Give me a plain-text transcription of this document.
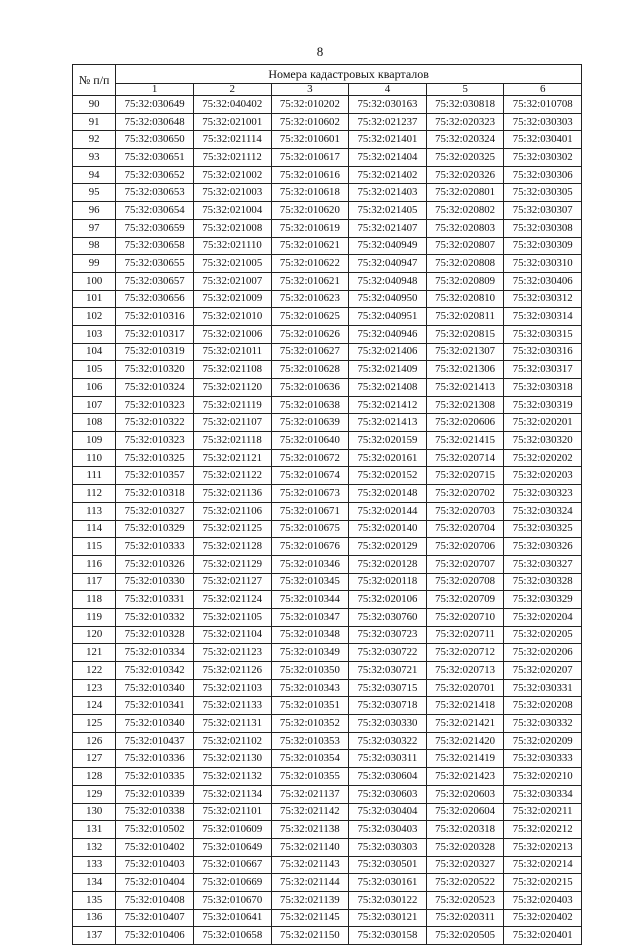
8
№ п/п	Номера кадастровых кварталов					
	1	2	3	4	5	6
90	75:32:030649	75:32:040402	75:32:010202	75:32:030163	75:32:030818	75:32:010708
91	75:32:030648	75:32:021001	75:32:010602	75:32:021237	75:32:020323	75:32:030303
92	75:32:030650	75:32:021114	75:32:010601	75:32:021401	75:32:020324	75:32:030401
93	75:32:030651	75:32:021112	75:32:010617	75:32:021404	75:32:020325	75:32:030302
94	75:32:030652	75:32:021002	75:32:010616	75:32:021402	75:32:020326	75:32:030306
95	75:32:030653	75:32:021003	75:32:010618	75:32:021403	75:32:020801	75:32:030305
96	75:32:030654	75:32:021004	75:32:010620	75:32:021405	75:32:020802	75:32:030307
97	75:32:030659	75:32:021008	75:32:010619	75:32:021407	75:32:020803	75:32:030308
98	75:32:030658	75:32:021110	75:32:010621	75:32:040949	75:32:020807	75:32:030309
99	75:32:030655	75:32:021005	75:32:010622	75:32:040947	75:32:020808	75:32:030310
100	75:32:030657	75:32:021007	75:32:010621	75:32:040948	75:32:020809	75:32:030406
101	75:32:030656	75:32:021009	75:32:010623	75:32:040950	75:32:020810	75:32:030312
102	75:32:010316	75:32:021010	75:32:010625	75:32:040951	75:32:020811	75:32:030314
103	75:32:010317	75:32:021006	75:32:010626	75:32:040946	75:32:020815	75:32:030315
104	75:32:010319	75:32:021011	75:32:010627	75:32:021406	75:32:021307	75:32:030316
105	75:32:010320	75:32:021108	75:32:010628	75:32:021409	75:32:021306	75:32:030317
106	75:32:010324	75:32:021120	75:32:010636	75:32:021408	75:32:021413	75:32:030318
107	75:32:010323	75:32:021119	75:32:010638	75:32:021412	75:32:021308	75:32:030319
108	75:32:010322	75:32:021107	75:32:010639	75:32:021413	75:32:020606	75:32:020201
109	75:32:010323	75:32:021118	75:32:010640	75:32:020159	75:32:021415	75:32:030320
110	75:32:010325	75:32:021121	75:32:010672	75:32:020161	75:32:020714	75:32:020202
111	75:32:010357	75:32:021122	75:32:010674	75:32:020152	75:32:020715	75:32:020203
112	75:32:010318	75:32:021136	75:32:010673	75:32:020148	75:32:020702	75:32:030323
113	75:32:010327	75:32:021106	75:32:010671	75:32:020144	75:32:020703	75:32:030324
114	75:32:010329	75:32:021125	75:32:010675	75:32:020140	75:32:020704	75:32:030325
115	75:32:010333	75:32:021128	75:32:010676	75:32:020129	75:32:020706	75:32:030326
116	75:32:010326	75:32:021129	75:32:010346	75:32:020128	75:32:020707	75:32:030327
117	75:32:010330	75:32:021127	75:32:010345	75:32:020118	75:32:020708	75:32:030328
118	75:32:010331	75:32:021124	75:32:010344	75:32:020106	75:32:020709	75:32:030329
119	75:32:010332	75:32:021105	75:32:010347	75:32:030760	75:32:020710	75:32:020204
120	75:32:010328	75:32:021104	75:32:010348	75:32:030723	75:32:020711	75:32:020205
121	75:32:010334	75:32:021123	75:32:010349	75:32:030722	75:32:020712	75:32:020206
122	75:32:010342	75:32:021126	75:32:010350	75:32:030721	75:32:020713	75:32:020207
123	75:32:010340	75:32:021103	75:32:010343	75:32:030715	75:32:020701	75:32:030331
124	75:32:010341	75:32:021133	75:32:010351	75:32:030718	75:32:021418	75:32:020208
125	75:32:010340	75:32:021131	75:32:010352	75:32:030330	75:32:021421	75:32:030332
126	75:32:010437	75:32:021102	75:32:010353	75:32:030322	75:32:021420	75:32:020209
127	75:32:010336	75:32:021130	75:32:010354	75:32:030311	75:32:021419	75:32:030333
128	75:32:010335	75:32:021132	75:32:010355	75:32:030604	75:32:021423	75:32:020210
129	75:32:010339	75:32:021134	75:32:021137	75:32:030603	75:32:020603	75:32:030334
130	75:32:010338	75:32:021101	75:32:021142	75:32:030404	75:32:020604	75:32:020211
131	75:32:010502	75:32:010609	75:32:021138	75:32:030403	75:32:020318	75:32:020212
132	75:32:010402	75:32:010649	75:32:021140	75:32:030303	75:32:020328	75:32:020213
133	75:32:010403	75:32:010667	75:32:021143	75:32:030501	75:32:020327	75:32:020214
134	75:32:010404	75:32:010669	75:32:021144	75:32:030161	75:32:020522	75:32:020215
135	75:32:010408	75:32:010670	75:32:021139	75:32:030122	75:32:020523	75:32:020403
136	75:32:010407	75:32:010641	75:32:021145	75:32:030121	75:32:020311	75:32:020402
137	75:32:010406	75:32:010658	75:32:021150	75:32:030158	75:32:020505	75:32:020401
